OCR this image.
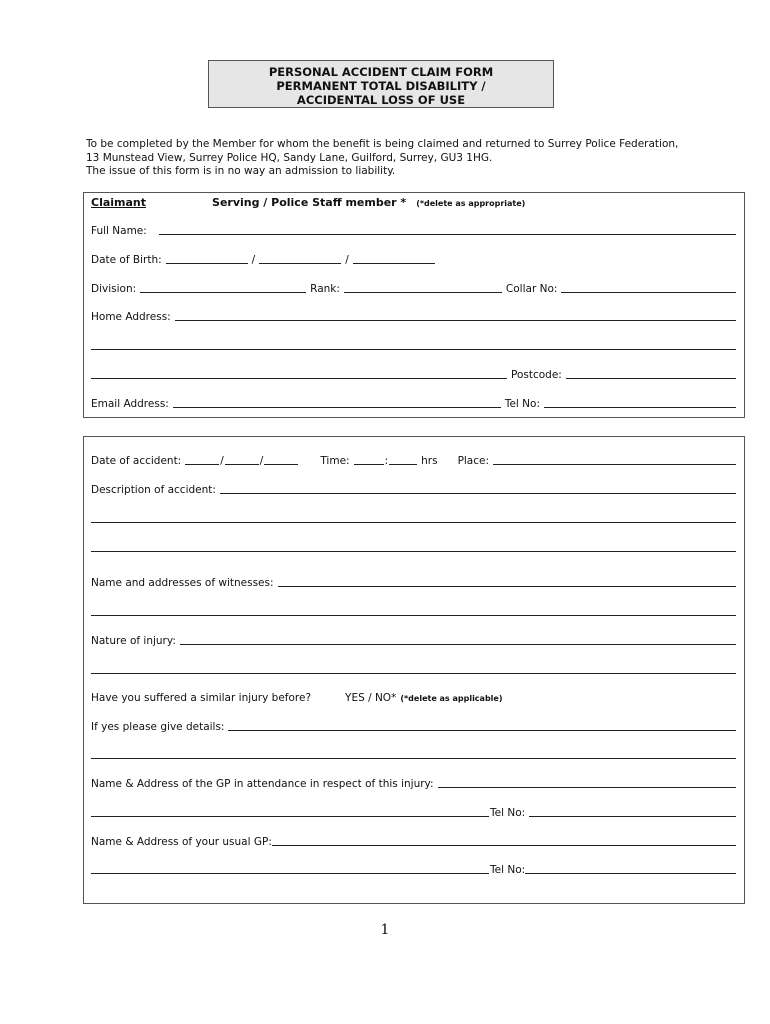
PERSONAL ACCIDENT CLAIM FORM
PERMANENT TOTAL DISABILITY /
ACCIDENTAL LOSS OF USE
To be completed by the Member for whom the benefit is being claimed and returned to Surrey Police Federation,
13 Munstead View, Surrey Police HQ, Sandy Lane, Guilford, Surrey, GU3 1HG.
The issue of this form is in no way an admission to liability.
Claimant	Serving / Police Staff member * (*delete as appropriate)
Full Name:
Date of Birth:	/	/
Division:	Rank:	Collar No:
Home Address:
Postcode:
Email Address:	Tel No:
Date of accident:	/	/	Time:	:	hrs	Place:
Description of accident:
Name and addresses of witnesses:
Nature of injury:
Have you suffered a similar injury before?	YES / NO* (*delete as applicable)
If yes please give details:
Name & Address of the GP in attendance in respect of this injury:
Tel No:
Name & Address of your usual GP:
Tel No:
1
